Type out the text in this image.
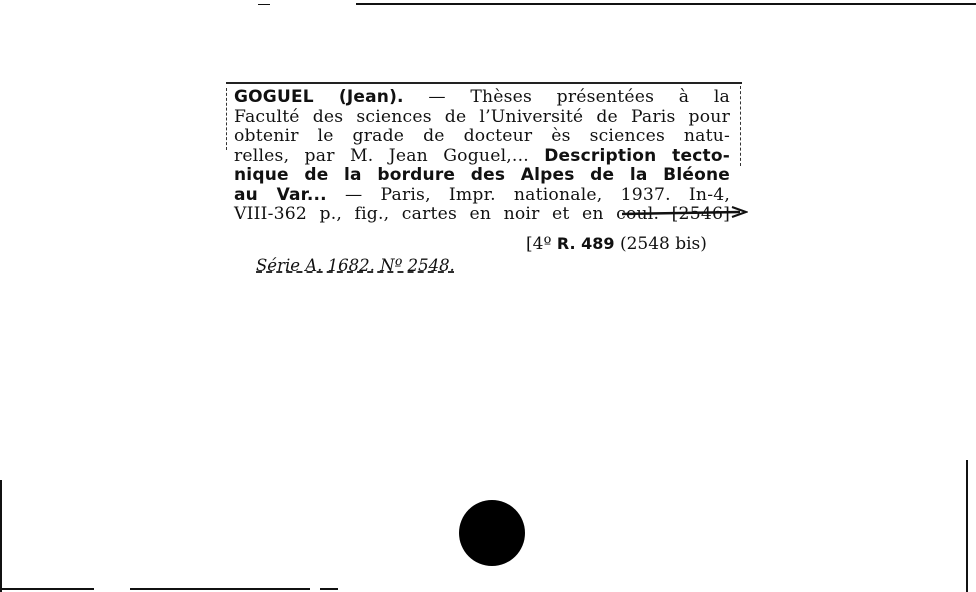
GOGUEL (Jean). — Thèses présentées à la
Faculté des sciences de l’Université de Paris pour
obtenir le grade de docteur ès sciences natu-
relles, par M. Jean Goguel,... Description tecto-
nique de la bordure des Alpes de la Bléone
au Var... — Paris, Impr. nationale, 1937. In-4,
VIII-362 p., fig., cartes en noir et en coul. [2546]
[4º R. 489 (2548 bis)
Série A. 1682. Nº 2548.
